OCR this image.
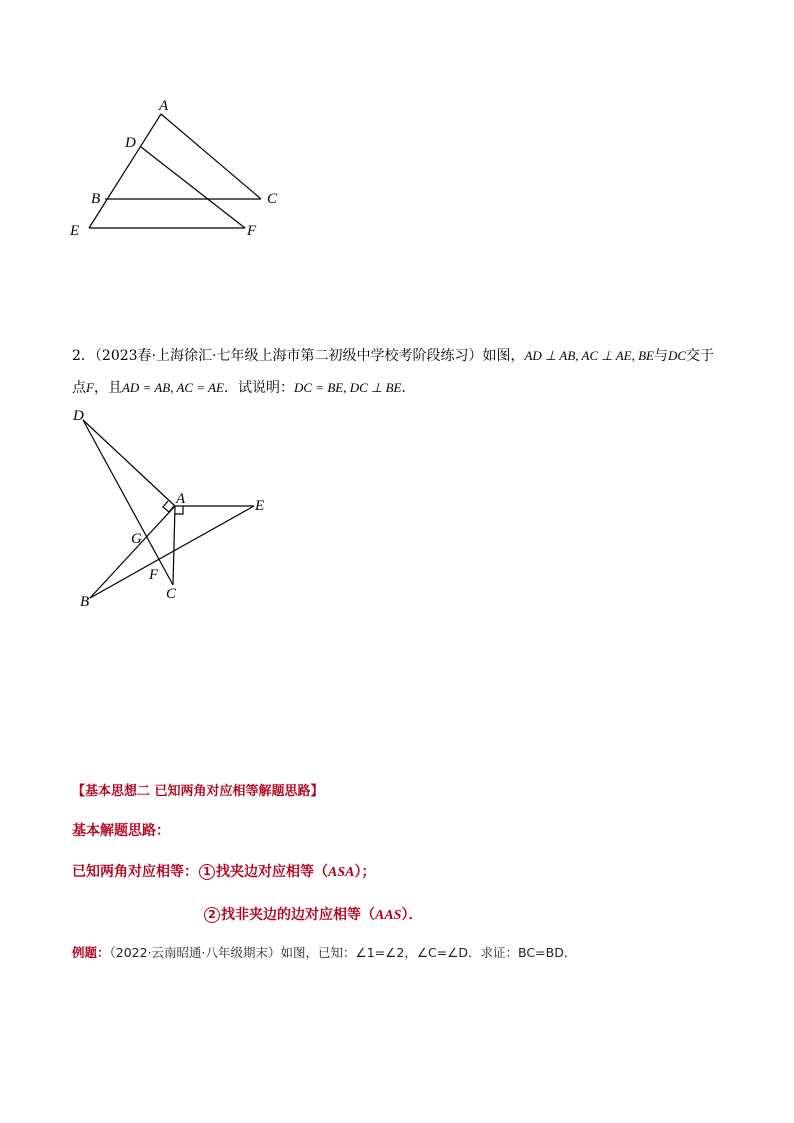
A
D
B	C
E	F
2．（2023春·上海徐汇·七年级上海市第二初级中学校考阶段练习）如图，AD ⊥ AB, AC ⊥ AE, BE与DC交于
点F，且AD = AB, AC = AE．试说明：DC = BE, DC ⊥ BE．
D
A	E
G
F
B	C
【基本思想二 已知两角对应相等解题思路】
基本解题思路：
已知两角对应相等： 1 找夹边对应相等（ASA）；
2 找非夹边的边对应相等（AAS）．
例题：（2022·云南昭通·八年级期末）如图，已知：∠1=∠2，∠C=∠D．求证：BC=BD．
